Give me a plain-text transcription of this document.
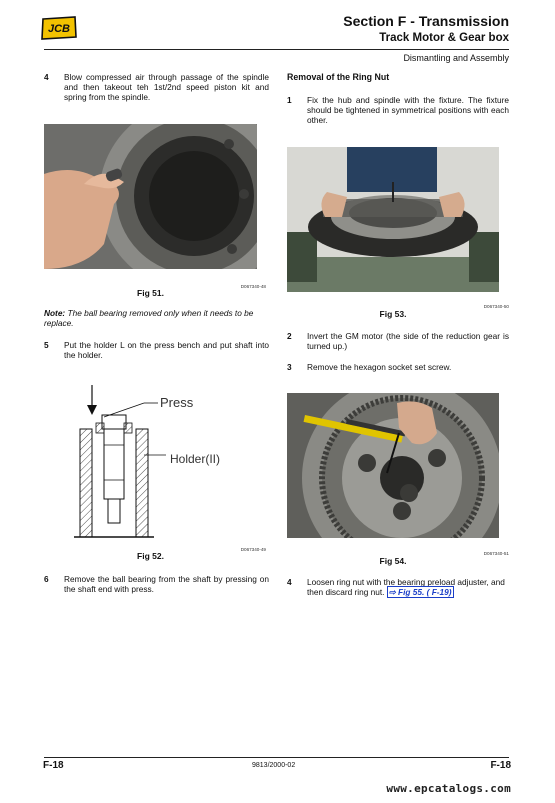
JCB	Section F - Transmission
Track Motor & Gear box
Dismantling and Assembly
4 Blow compressed air through passage of the spindle and then takeout teh 1st/2nd speed piston kit and spring from the spindle.
Fig 51.
D067340-48
Note: The ball bearing removed only when it needs to be replace.
5 Put the holder L on the press bench and put shaft into the holder.
Press
Holder(II)
Fig 52.
D067340-49
6 Remove the ball bearing from the shaft by pressing on the shaft end with press.
Removal of the Ring Nut
1 Fix the hub and spindle with the fixture. The fixture should be tightened in symmetrical positions with each other.
Fig 53.
D067340-50
2 Invert the GM motor (the side of the reduction gear is turned up.)
3 Remove the hexagon socket set screw.
Fig 54.
D067340-51
4 Loosen ring nut with the bearing preload adjuster, and then discard ring nut. ⇨ Fig 55. ( F-19)
F-18	9813/2000-02	F-18
www.epcatalogs.com
